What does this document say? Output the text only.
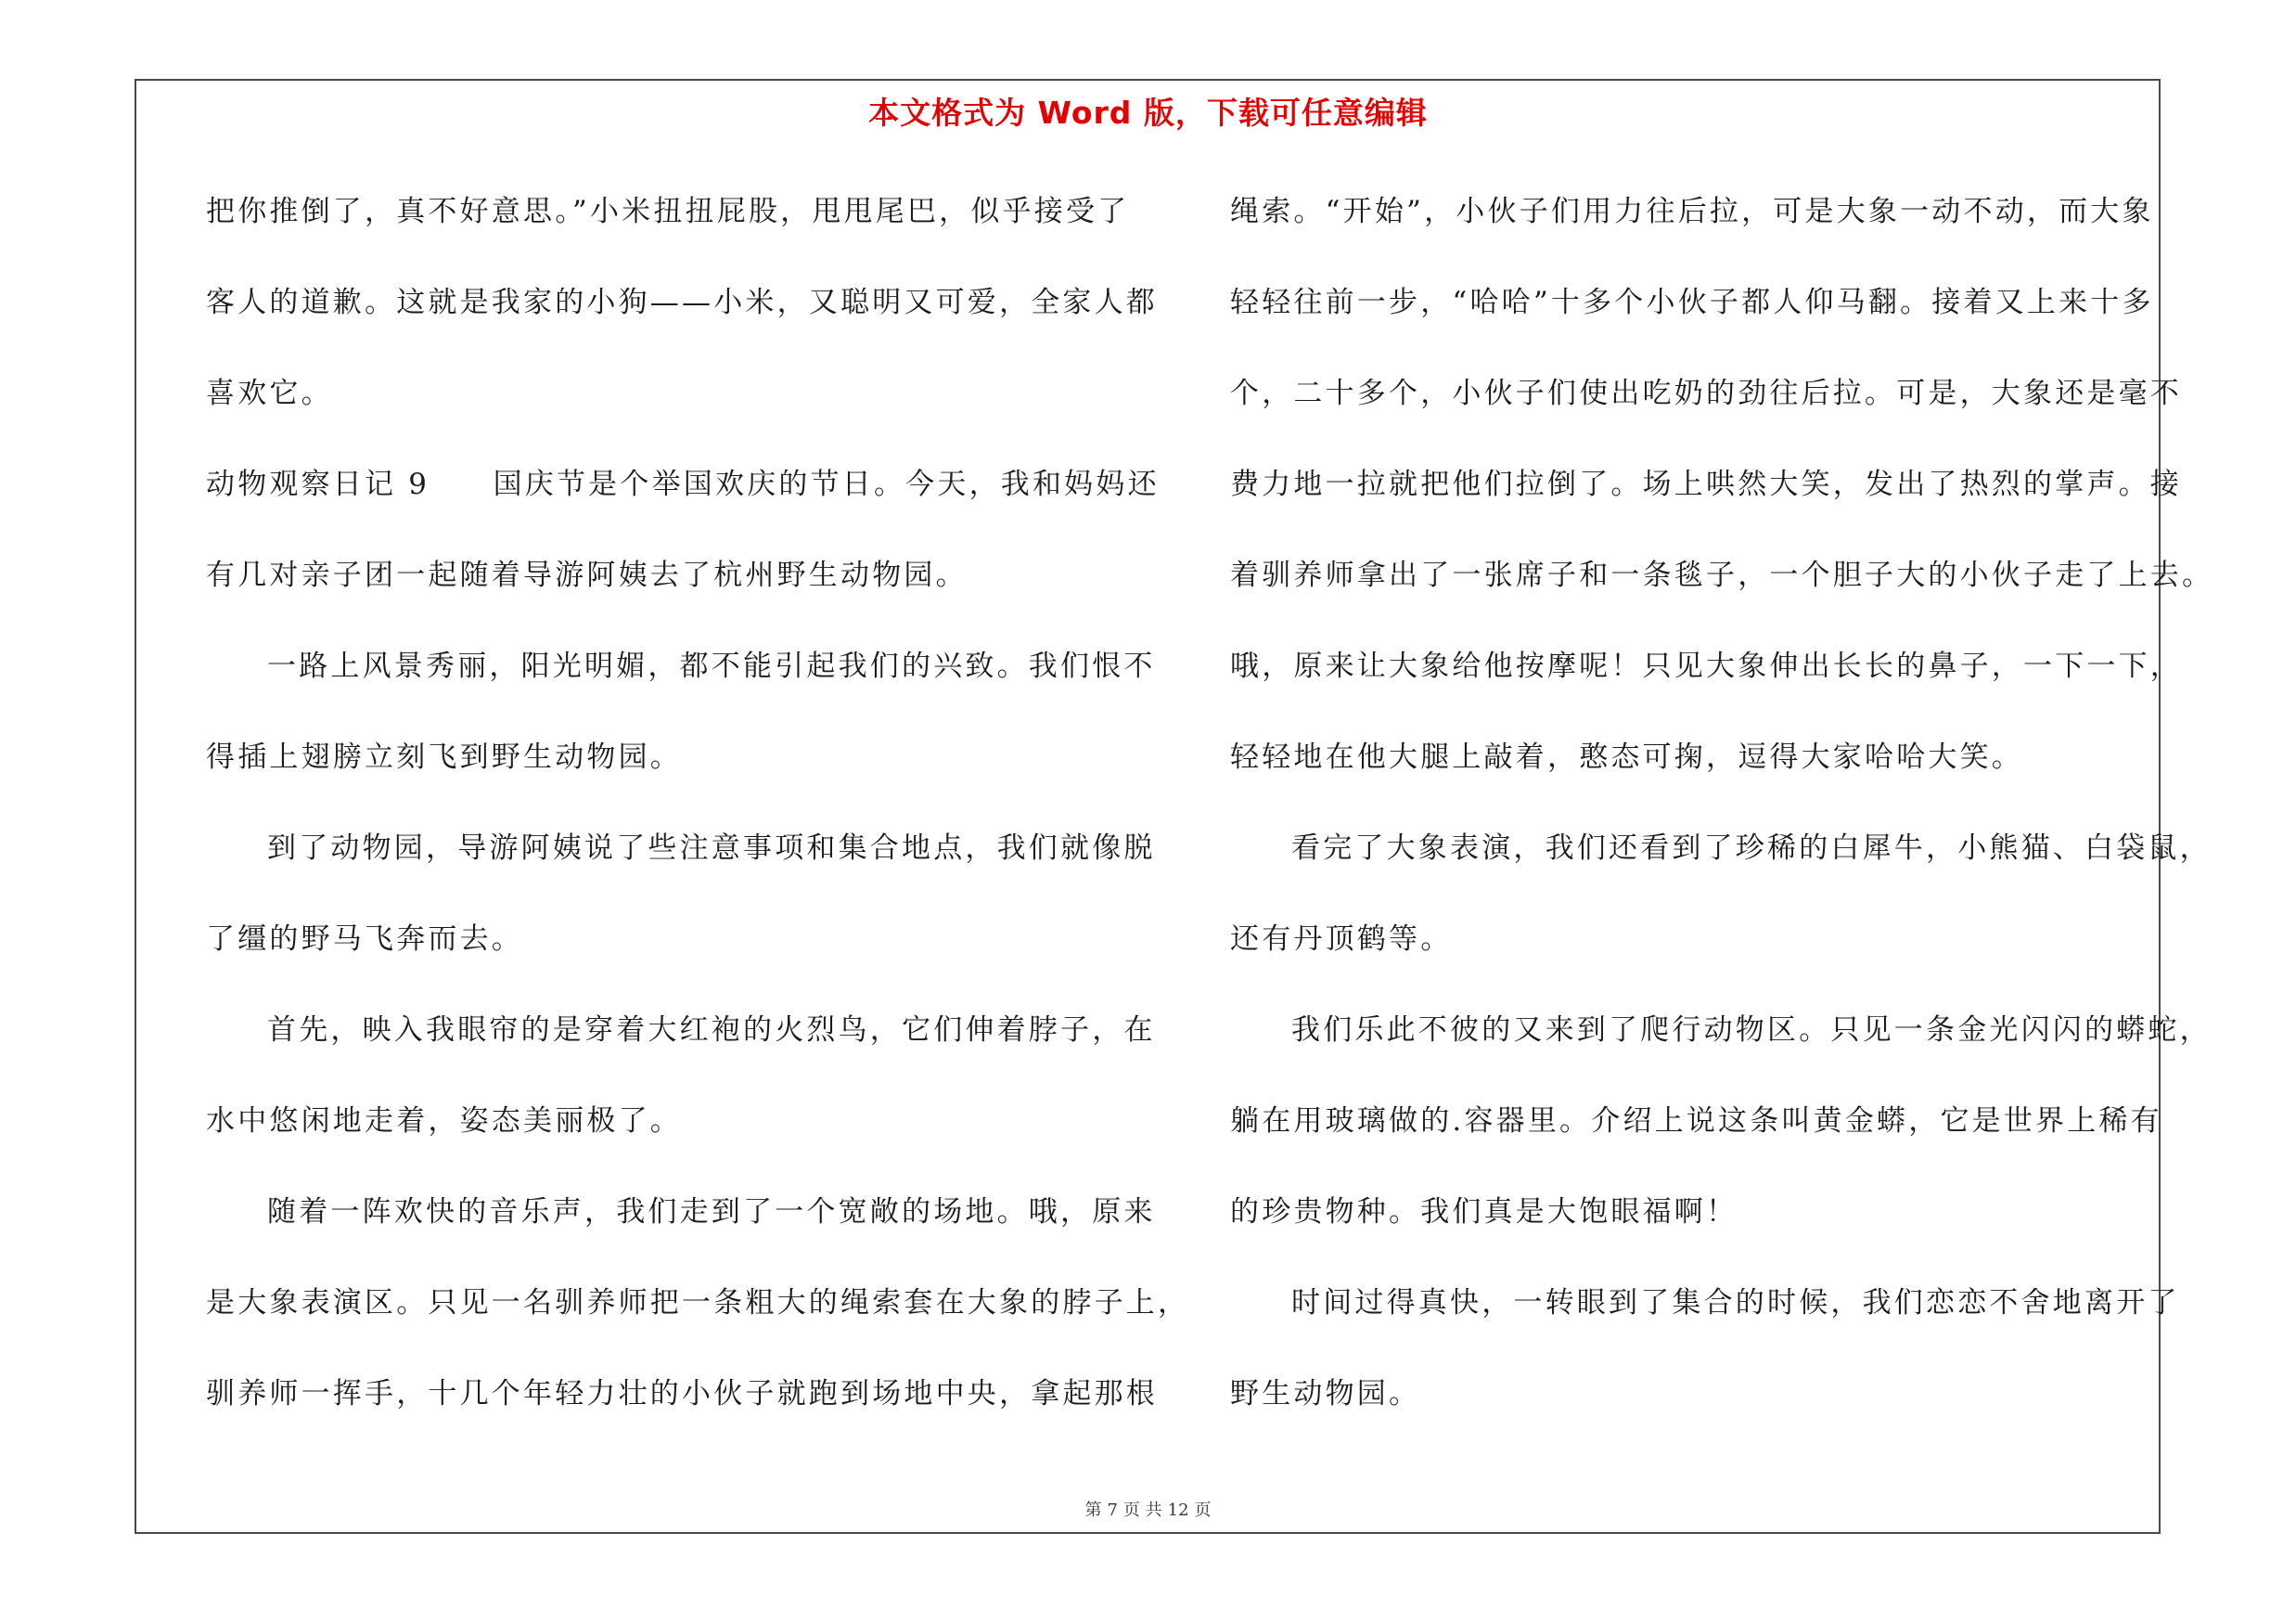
本文格式为 Word 版，下载可任意编辑
把你推倒了，真不好意思。”小米扭扭屁股，甩甩尾巴，似乎接受了
客人的道歉。这就是我家的小狗——小米，又聪明又可爱，全家人都
喜欢它。
动物观察日记 9　　国庆节是个举国欢庆的节日。今天，我和妈妈还
有几对亲子团一起随着导游阿姨去了杭州野生动物园。
一路上风景秀丽，阳光明媚，都不能引起我们的兴致。我们恨不
得插上翅膀立刻飞到野生动物园。
到了动物园，导游阿姨说了些注意事项和集合地点，我们就像脱
了缰的野马飞奔而去。
首先，映入我眼帘的是穿着大红袍的火烈鸟，它们伸着脖子，在
水中悠闲地走着，姿态美丽极了。
随着一阵欢快的音乐声，我们走到了一个宽敞的场地。哦，原来
是大象表演区。只见一名驯养师把一条粗大的绳索套在大象的脖子上，
驯养师一挥手，十几个年轻力壮的小伙子就跑到场地中央，拿起那根
绳索。“开始”，小伙子们用力往后拉，可是大象一动不动，而大象
轻轻往前一步，“哈哈”十多个小伙子都人仰马翻。接着又上来十多
个，二十多个，小伙子们使出吃奶的劲往后拉。可是，大象还是毫不
费力地一拉就把他们拉倒了。场上哄然大笑，发出了热烈的掌声。接
着驯养师拿出了一张席子和一条毯子，一个胆子大的小伙子走了上去。
哦，原来让大象给他按摩呢！只见大象伸出长长的鼻子，一下一下，
轻轻地在他大腿上敲着，憨态可掬，逗得大家哈哈大笑。
看完了大象表演，我们还看到了珍稀的白犀牛，小熊猫、白袋鼠，
还有丹顶鹤等。
我们乐此不彼的又来到了爬行动物区。只见一条金光闪闪的蟒蛇，
躺在用玻璃做的.容器里。介绍上说这条叫黄金蟒，它是世界上稀有
的珍贵物种。我们真是大饱眼福啊！
时间过得真快，一转眼到了集合的时候，我们恋恋不舍地离开了
野生动物园。
第 7 页 共 12 页
